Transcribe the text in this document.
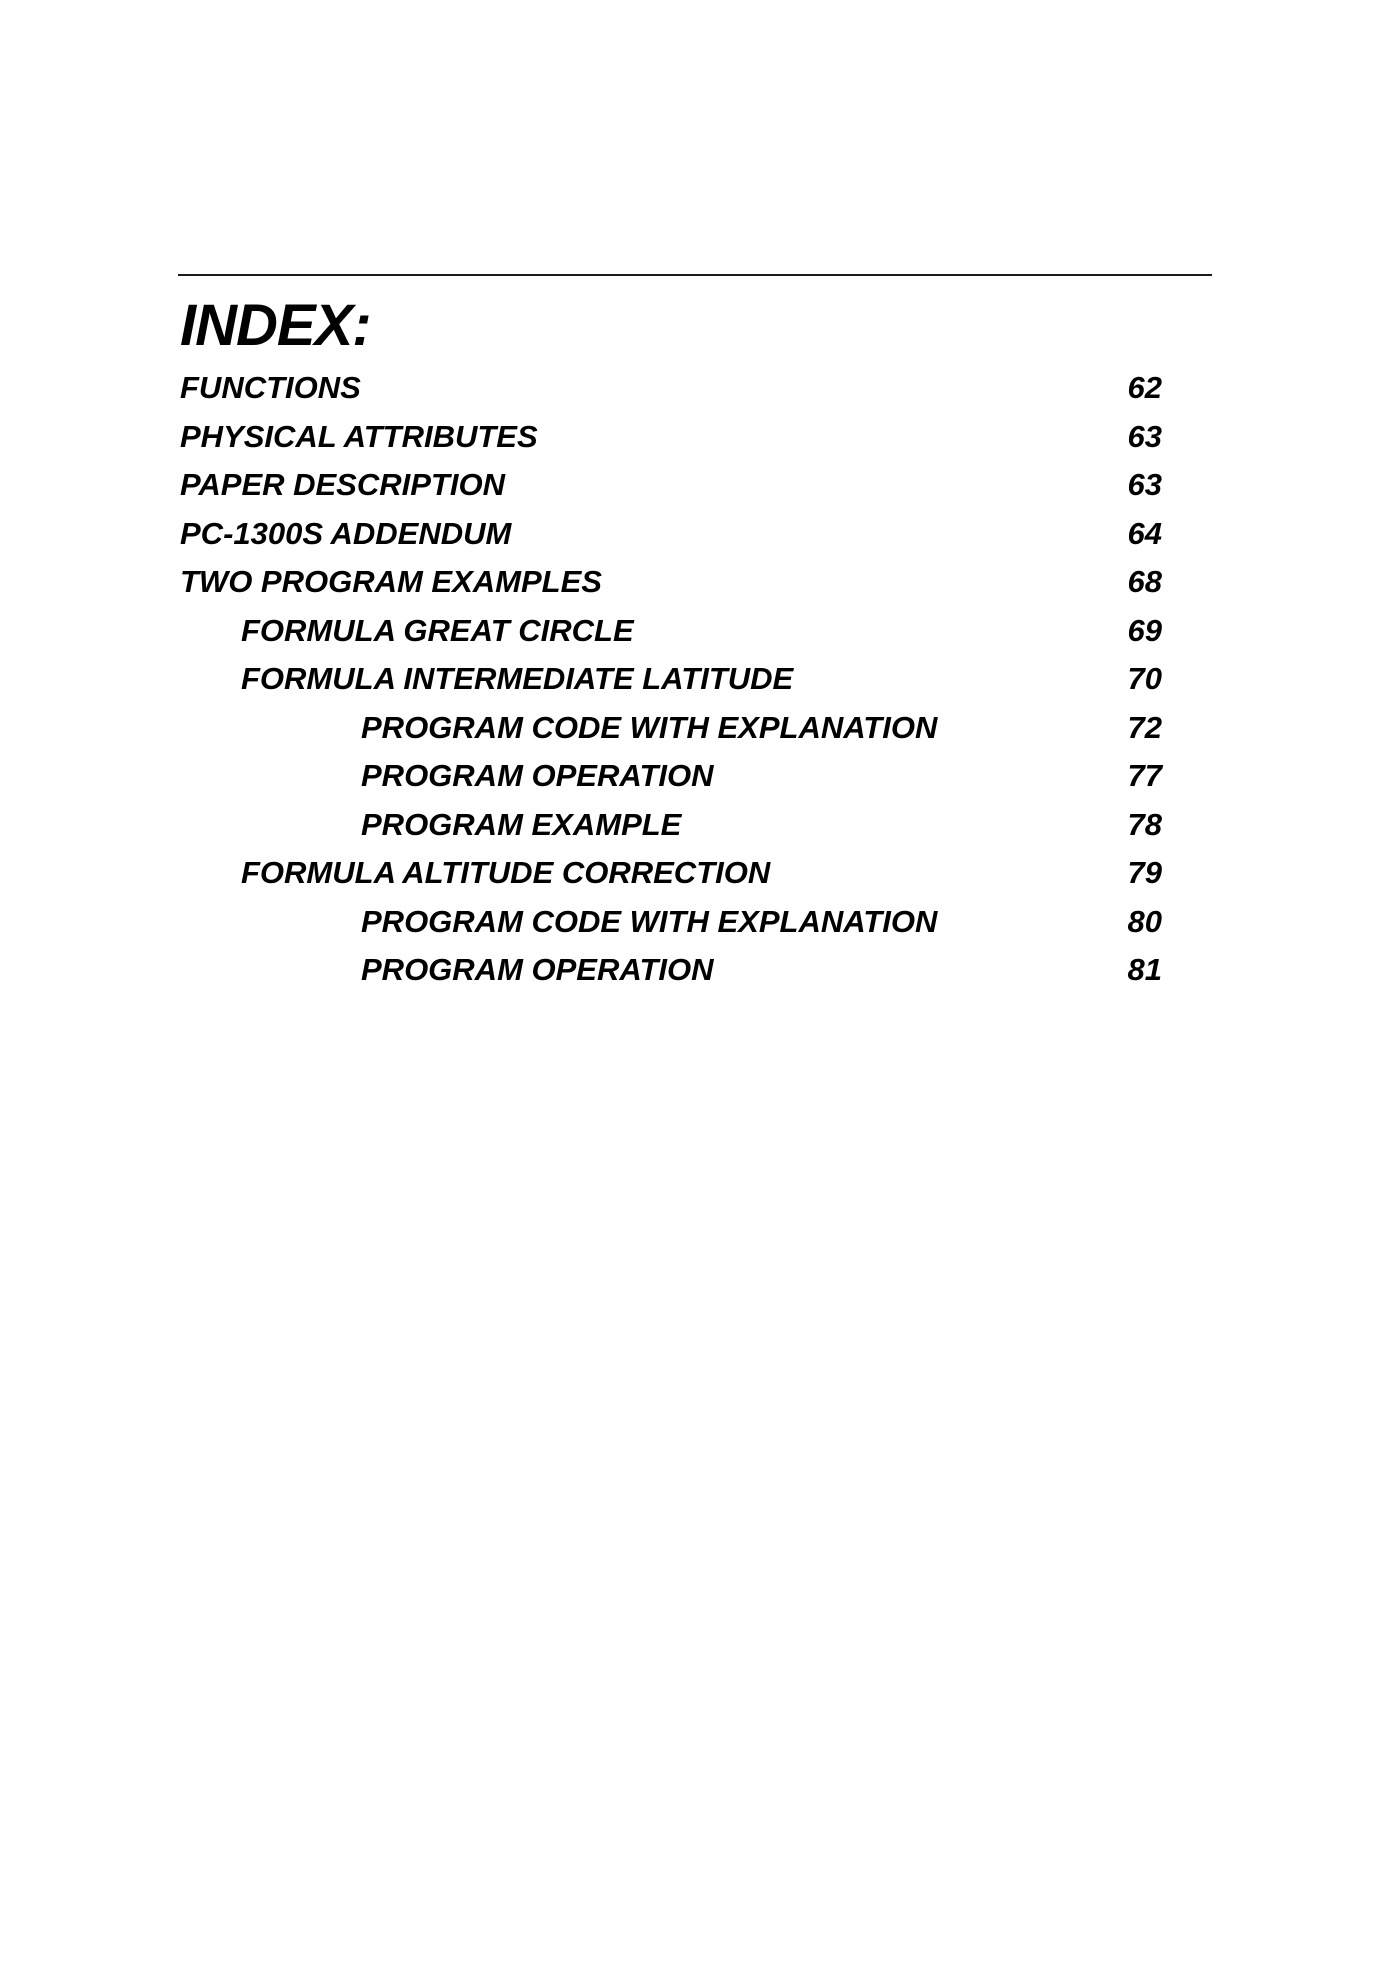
INDEX:
FUNCTIONS	62
PHYSICAL ATTRIBUTES	63
PAPER DESCRIPTION	63
PC-1300S ADDENDUM	64
TWO PROGRAM EXAMPLES	68
FORMULA GREAT CIRCLE	69
FORMULA INTERMEDIATE LATITUDE	70
PROGRAM CODE WITH EXPLANATION	72
PROGRAM OPERATION	77
PROGRAM EXAMPLE	78
FORMULA ALTITUDE CORRECTION	79
PROGRAM CODE WITH EXPLANATION	80
PROGRAM OPERATION	81
